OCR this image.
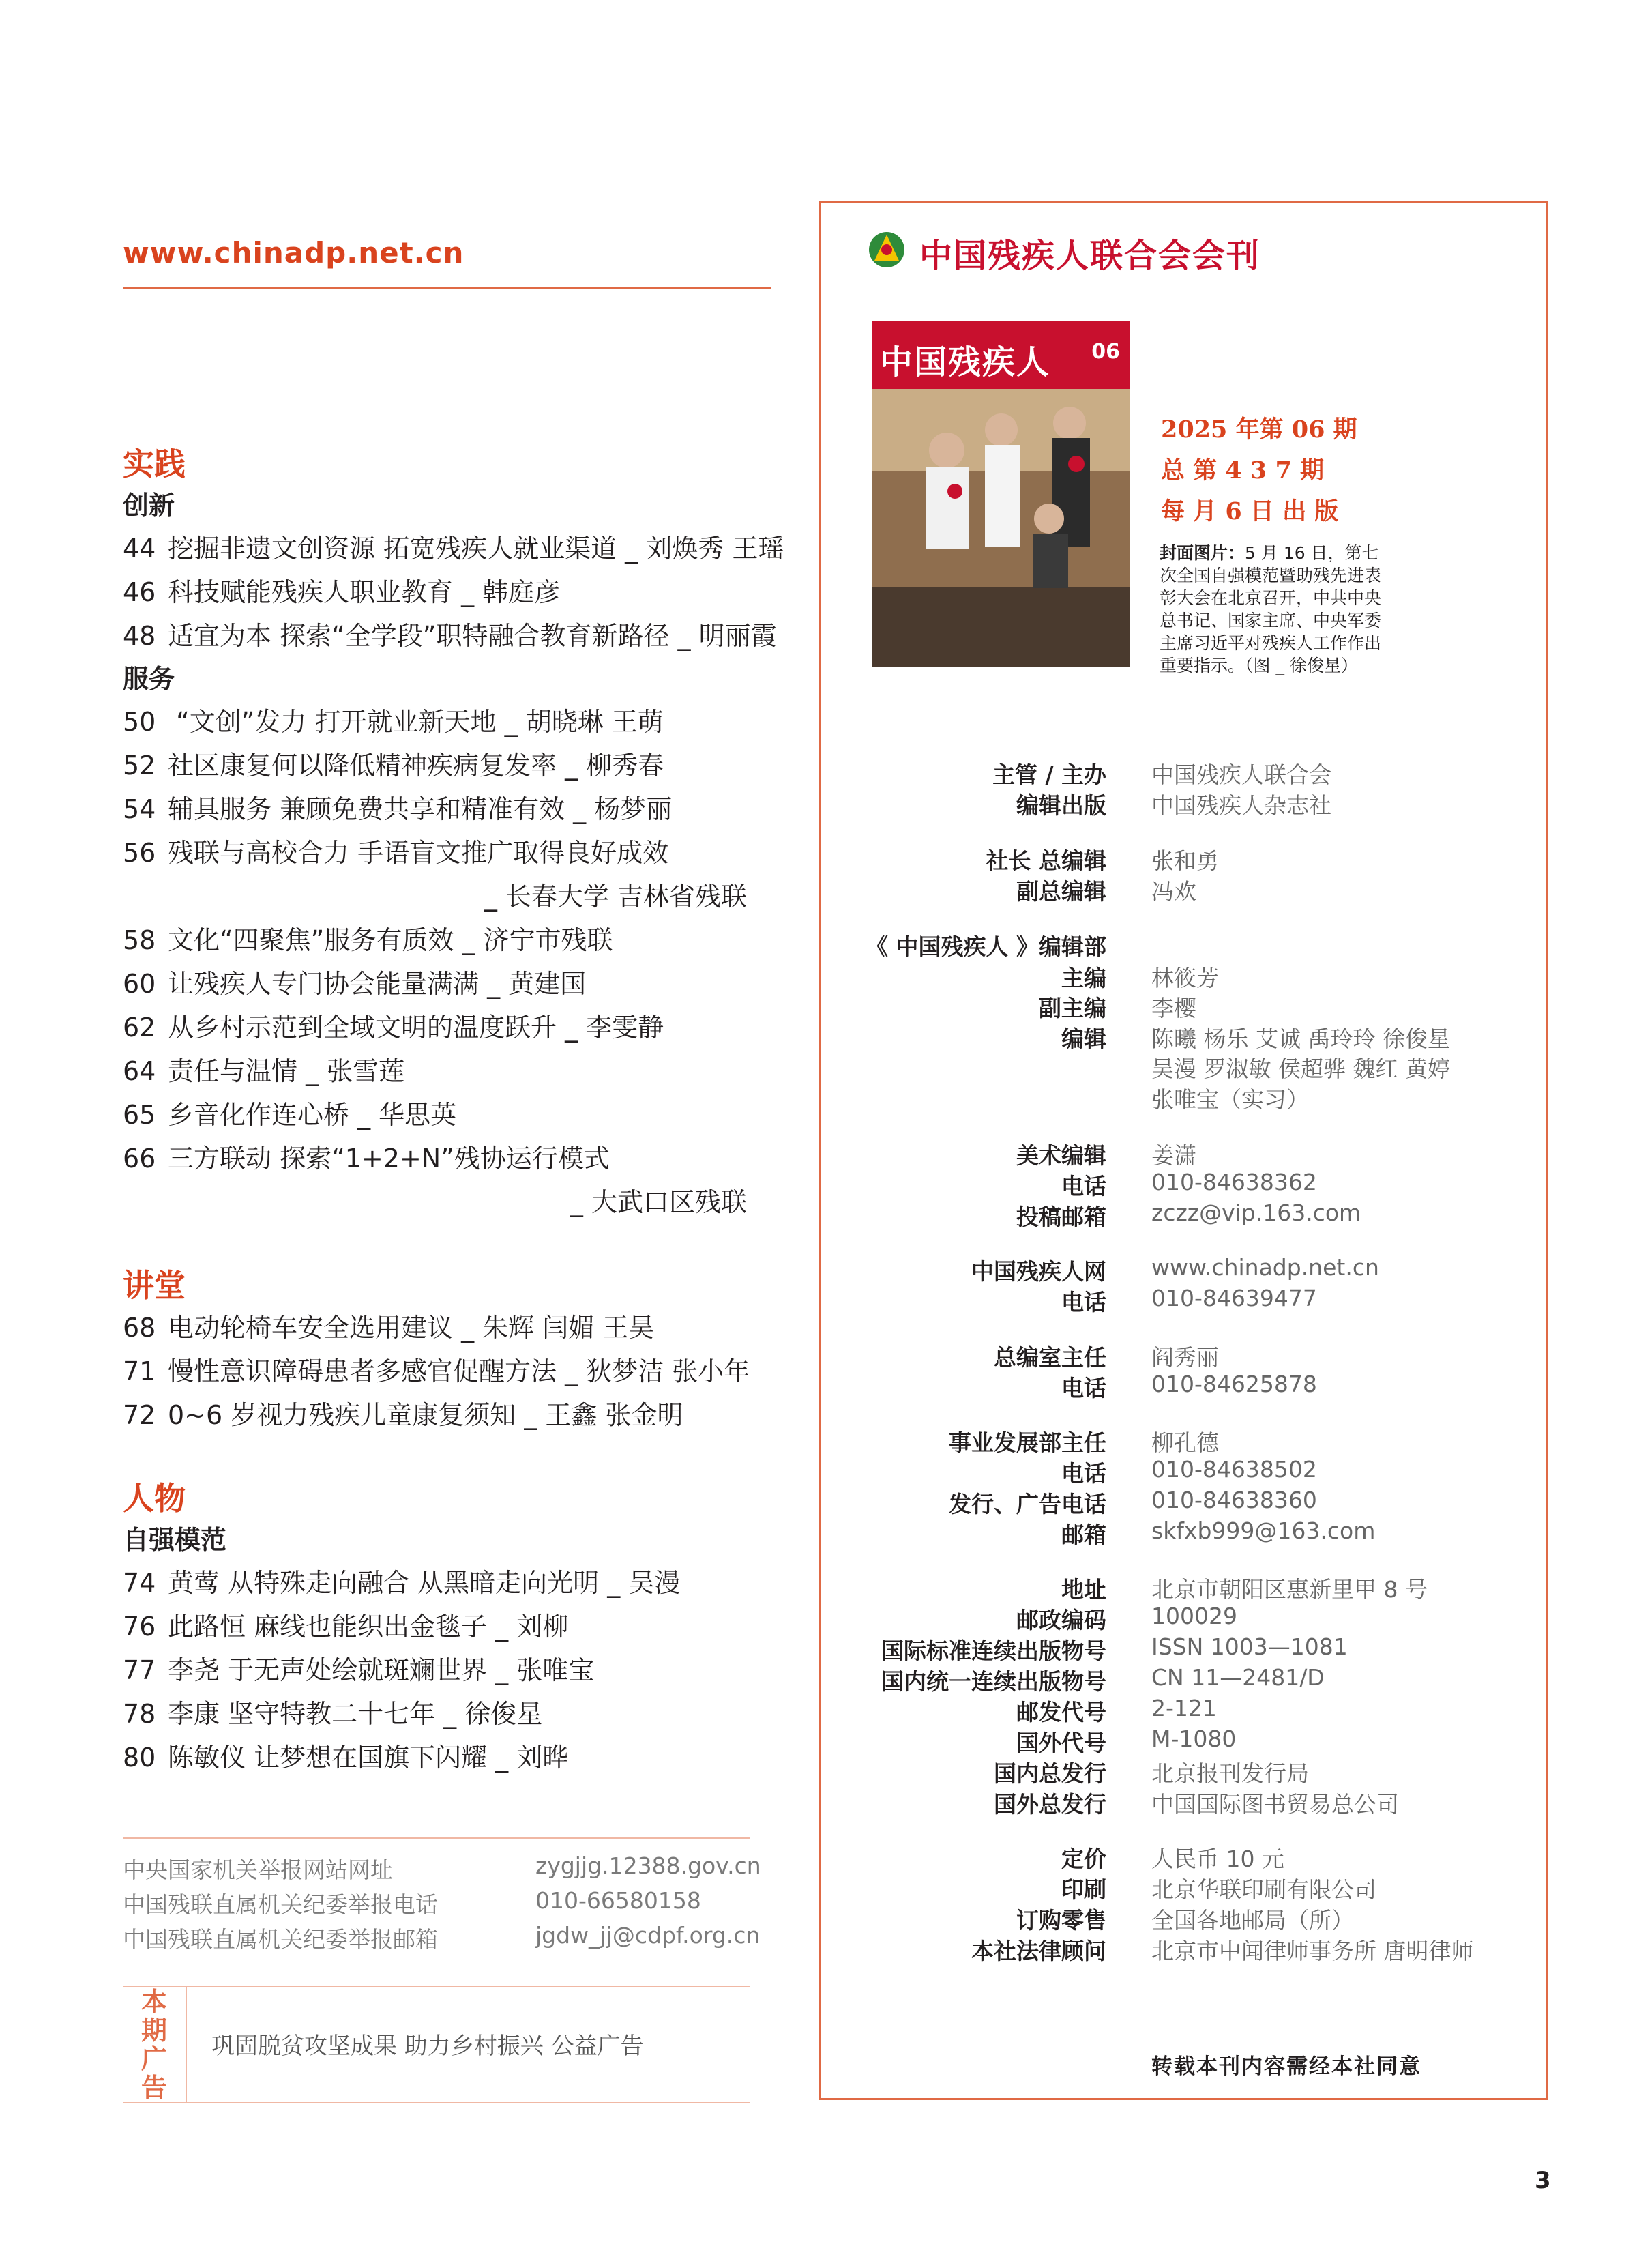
www.chinadp.net.cn
实践
创新
44 挖掘非遗文创资源 拓宽残疾人就业渠道 _ 刘焕秀 王瑶
46 科技赋能残疾人职业教育 _ 韩庭彦
48 适宜为本 探索“全学段”职特融合教育新路径 _ 明丽霞
服务
50 “文创”发力 打开就业新天地 _ 胡晓琳 王萌
52 社区康复何以降低精神疾病复发率 _ 柳秀春
54 辅具服务 兼顾免费共享和精准有效 _ 杨梦丽
56 残联与高校合力 手语盲文推广取得良好成效
_ 长春大学 吉林省残联
58 文化“四聚焦”服务有质效 _ 济宁市残联
60 让残疾人专门协会能量满满 _ 黄建国
62 从乡村示范到全域文明的温度跃升 _ 李雯静
64 责任与温情 _ 张雪莲
65 乡音化作连心桥 _ 华思英
66 三方联动 探索“1+2+N”残协运行模式
_ 大武口区残联
讲堂
68 电动轮椅车安全选用建议 _ 朱辉 闫媚 王昊
71 慢性意识障碍患者多感官促醒方法 _ 狄梦洁 张小年
72 0~6 岁视力残疾儿童康复须知 _ 王鑫 张金明
人物
自强模范
74 黄莺 从特殊走向融合 从黑暗走向光明 _ 吴漫
76 此路恒 麻线也能织出金毯子 _ 刘柳
77 李尧 于无声处绘就斑斓世界 _ 张唯宝
78 李康 坚守特教二十七年 _ 徐俊星
80 陈敏仪 让梦想在国旗下闪耀 _ 刘晔
中央国家机关举报网站网址	zygjjg.12388.gov.cn
中国残联直属机关纪委举报电话	010-66580158
中国残联直属机关纪委举报邮箱	jgdw_jj@cdpf.org.cn
本
期
广
告
巩固脱贫攻坚成果 助力乡村振兴 公益广告
中国残疾人联合会会刊
中国残疾人 06
2025 年第 06 期
总 第 4 3 7 期
每 月 6 日 出 版
封面图片：5 月 16 日，第七次全国自强模范暨助残先进表彰大会在北京召开，中共中央总书记、国家主席、中央军委主席习近平对残疾人工作作出重要指示。（图 _ 徐俊星）
主管 / 主办 中国残疾人联合会
编辑出版 中国残疾人杂志社
社长 总编辑 张和勇
副总编辑 冯欢
《 中国残疾人 》编辑部
主编 林筱芳
副主编 李樱
编辑 陈曦 杨乐 艾诚 禹玲玲 徐俊星
吴漫 罗淑敏 侯超骅 魏红 黄婷
张唯宝（实习）
美术编辑 姜潇
电话 010-84638362
投稿邮箱 zczz@vip.163.com
中国残疾人网 www.chinadp.net.cn
电话 010-84639477
总编室主任 阎秀丽
电话 010-84625878
事业发展部主任 柳孔德
电话 010-84638502
发行、广告电话 010-84638360
邮箱 skfxb999@163.com
地址 北京市朝阳区惠新里甲 8 号
邮政编码 100029
国际标准连续出版物号 ISSN 1003—1081
国内统一连续出版物号 CN 11—2481/D
邮发代号 2-121
国外代号 M-1080
国内总发行 北京报刊发行局
国外总发行 中国国际图书贸易总公司
定价 人民币 10 元
印刷 北京华联印刷有限公司
订购零售 全国各地邮局（所）
本社法律顾问 北京市中闻律师事务所 唐明律师
转载本刊内容需经本社同意
3
